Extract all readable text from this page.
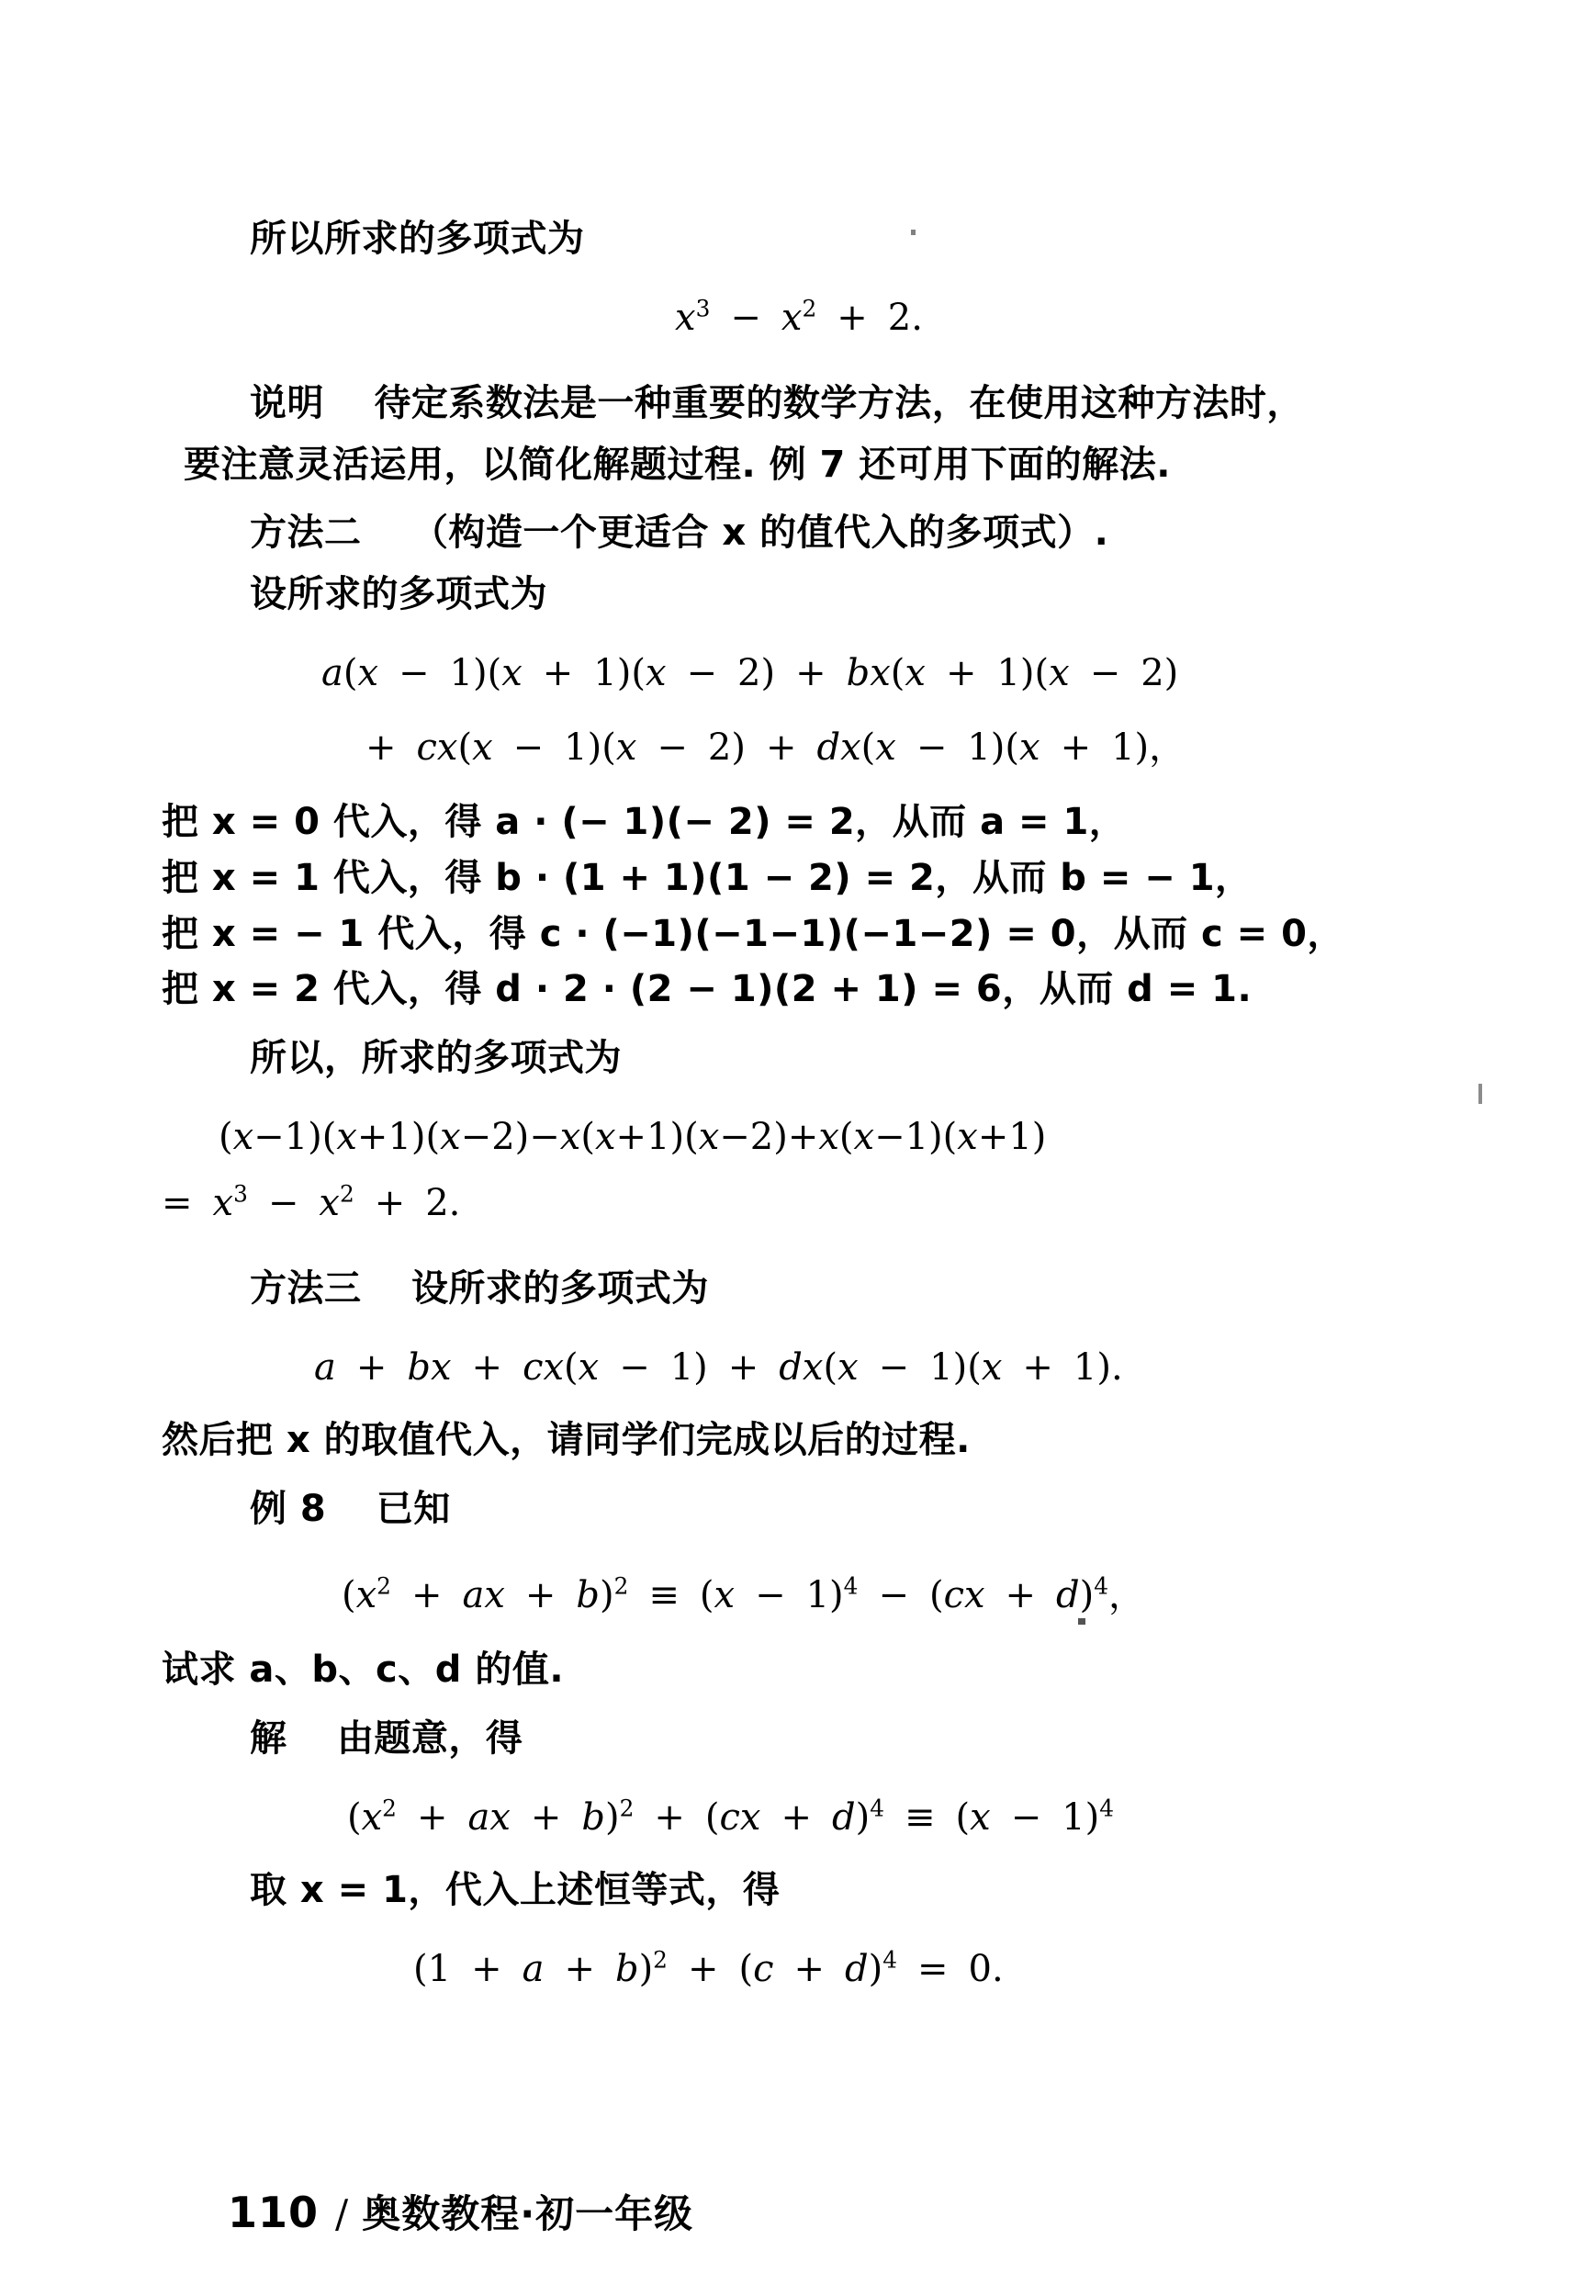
所以所求的多项式为

$x^3 - x^2 + 2$.

说明 待定系数法是一种重要的数学方法，在使用这种方法时，

要注意灵活运用，以简化解题过程. 例 7 还可用下面的解法.

方法二 （构造一个更适合 x 的值代入的多项式）.

设所求的多项式为

a(x − 1)(x + 1)(x − 2) + bx(x + 1)(x − 2)

+ cx(x − 1)(x − 2) + dx(x − 1)(x + 1)，

把 x = 0 代入，得 a · (− 1)(− 2) = 2，从而 a = 1，

把 x = 1 代入，得 b · (1 + 1)(1 − 2) = 2，从而 b = − 1，

把 x = − 1 代入，得 c · (−1)(−1−1)(−1−2) = 0，从而 c = 0，

把 x = 2 代入，得 d · 2 · (2 − 1)(2 + 1) = 6，从而 d = 1.

所以，所求的多项式为

(x−1)(x+1)(x−2)−x(x+1)(x−2)+x(x−1)(x+1)

= $x^3 - x^2 + 2$.

方法三 设所求的多项式为

a + bx + cx(x − 1) + dx(x − 1)(x + 1).

然后把 x 的取值代入，请同学们完成以后的过程.

例 8 已知

($x^2$ + ax + $b)^2 \equiv (x - 1)^4 - (cx + d)^4$，

试求 a、b、c、d 的值.

解 由题意，得

($x^2$ + ax + $b)^2 + (cx + d)^4 \equiv (x - 1)^4$

取 x = 1，代入上述恒等式，得

$(1 + a + b)^2 + (c + d)^4 = 0$.

110 / 奥数教程·初一年级
